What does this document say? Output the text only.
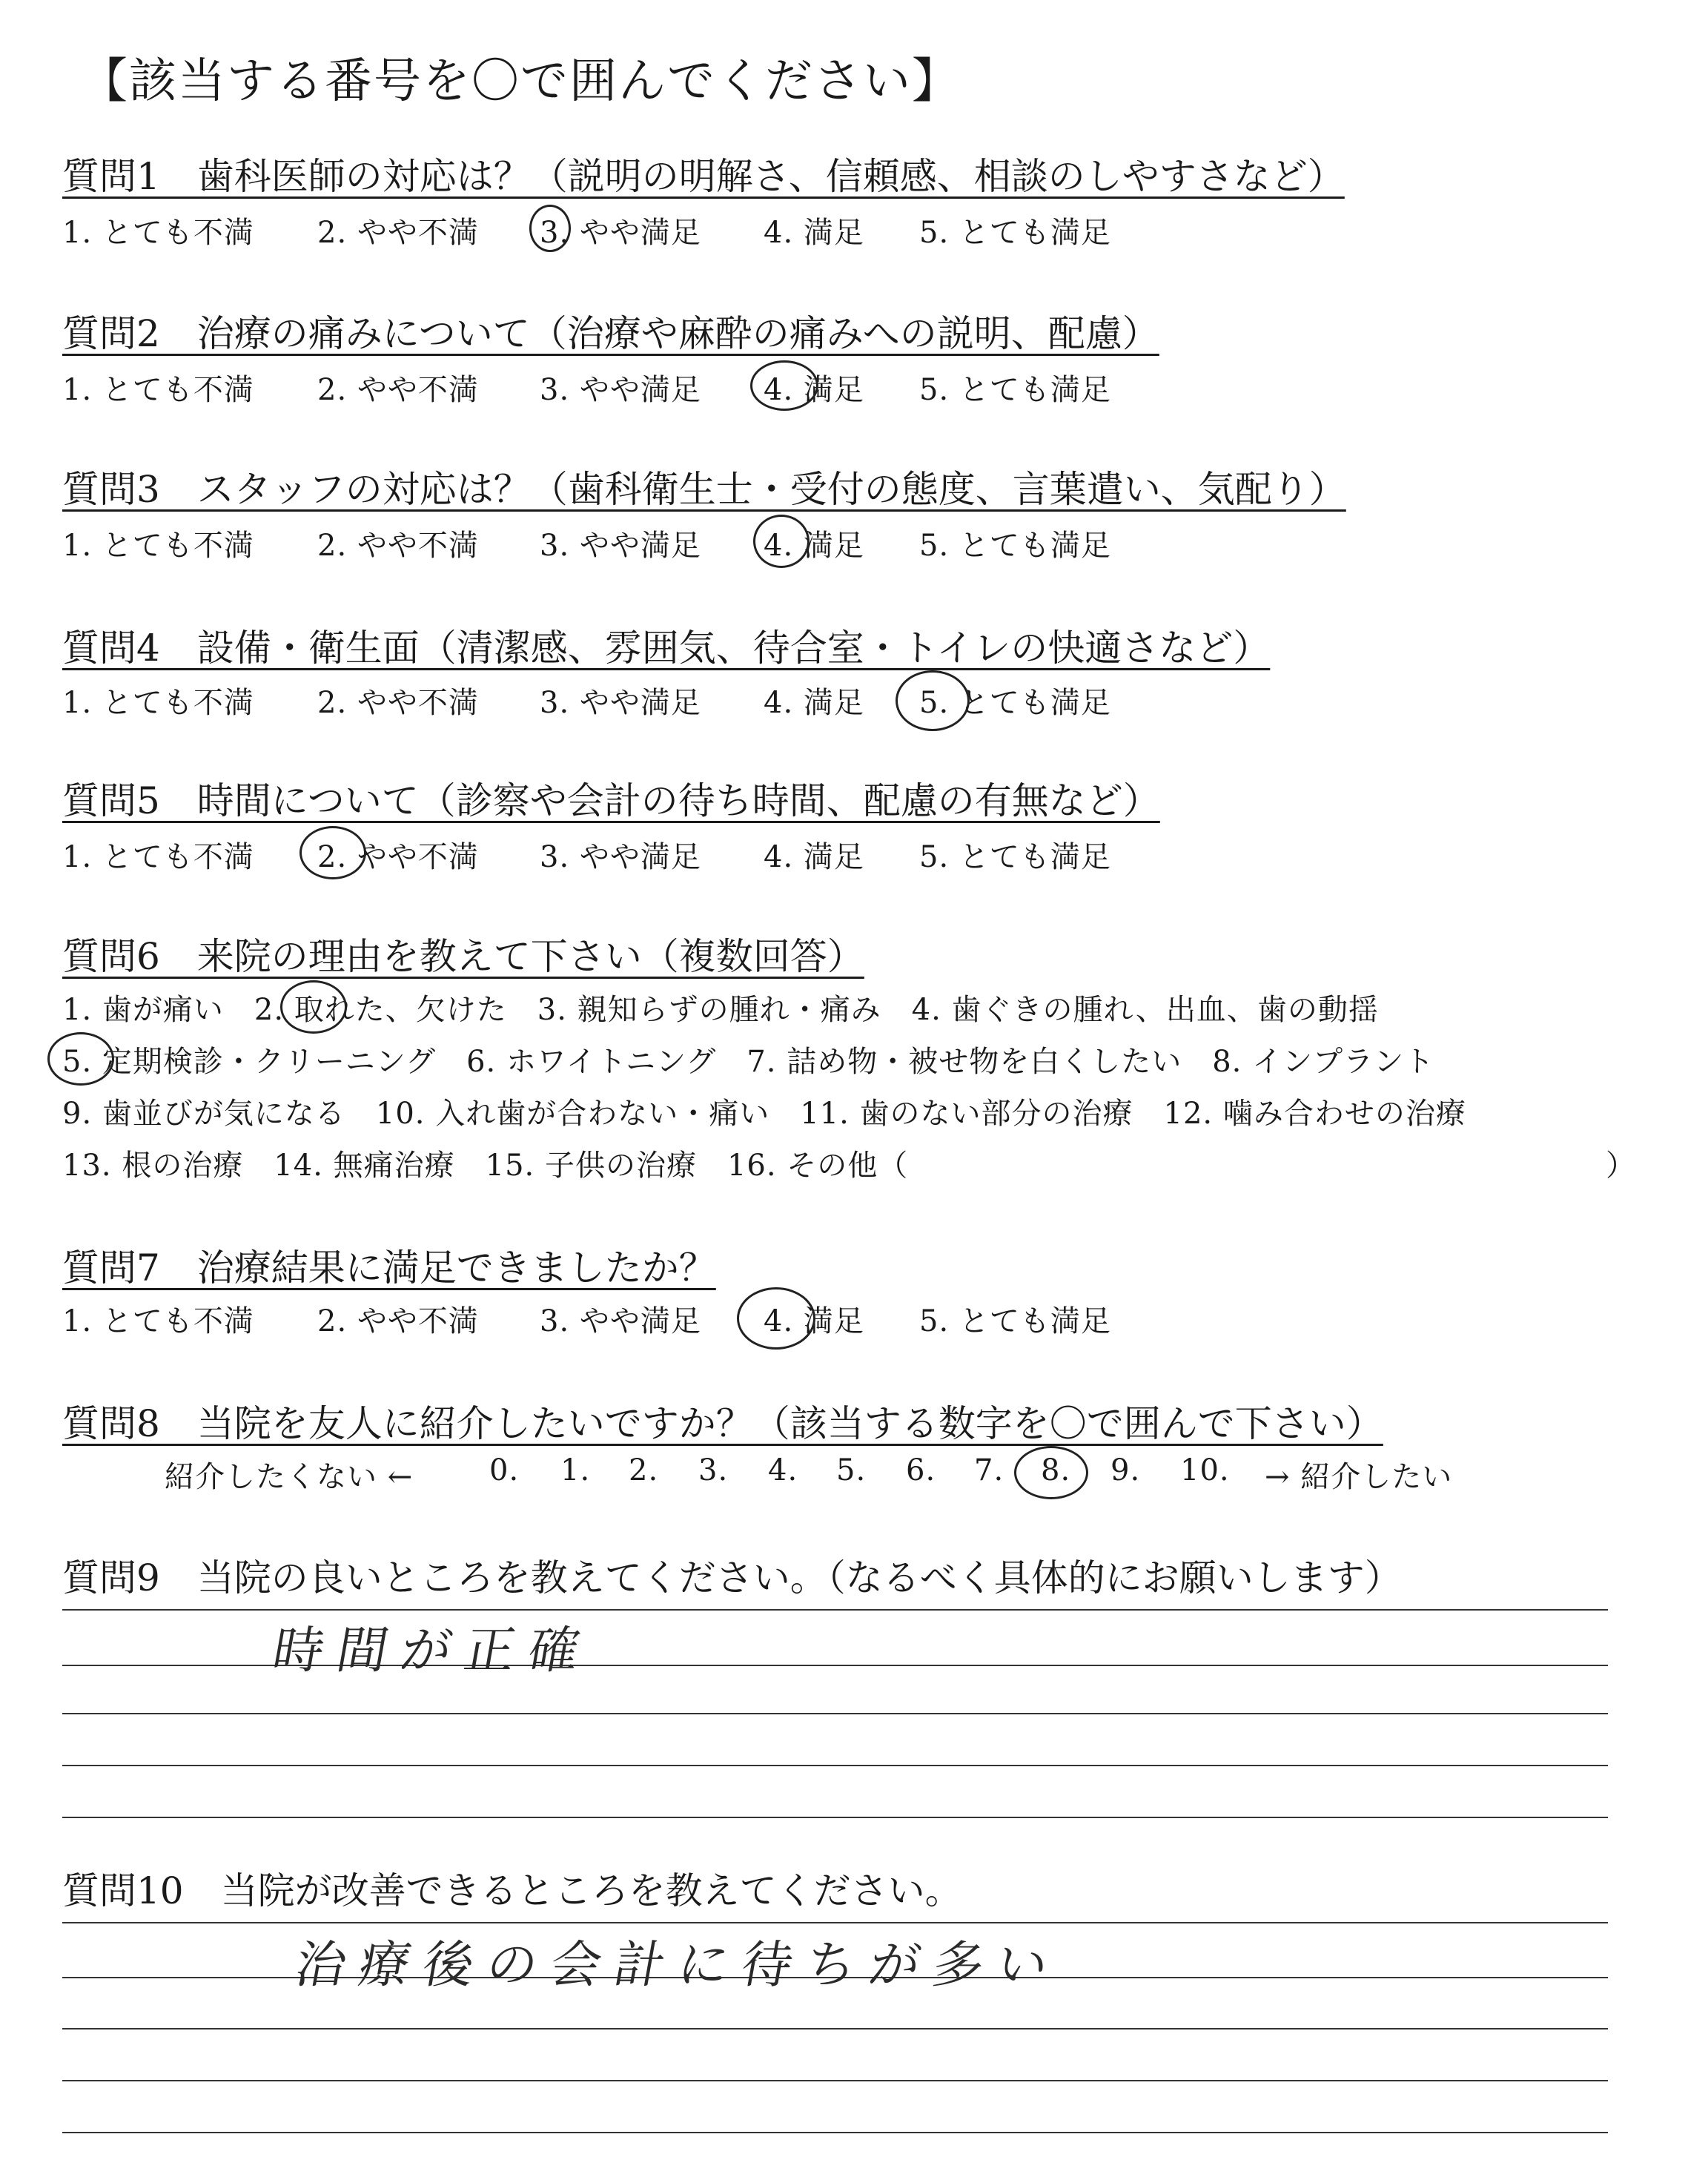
【該当する番号を〇で囲んでください】
質問1　歯科医師の対応は？（説明の明解さ、信頼感、相談のしやすさなど）
1. とても不満 2. やや不満 3. やや満足 4. 満足 5. とても満足
質問2　治療の痛みについて（治療や麻酔の痛みへの説明、配慮）
1. とても不満 2. やや不満 3. やや満足 4. 満足 5. とても満足
質問3　スタッフの対応は？（歯科衛生士・受付の態度、言葉遣い、気配り）
1. とても不満 2. やや不満 3. やや満足 4. 満足 5. とても満足
質問4　設備・衛生面（清潔感、雰囲気、待合室・トイレの快適さなど）
1. とても不満 2. やや不満 3. やや満足 4. 満足 5. とても満足
質問5　時間について（診察や会計の待ち時間、配慮の有無など）
1. とても不満 2. やや不満 3. やや満足 4. 満足 5. とても満足
質問6　来院の理由を教えて下さい（複数回答）
1. 歯が痛い　2. 取れた、欠けた　3. 親知らずの腫れ・痛み　4. 歯ぐきの腫れ、出血、歯の動揺
5. 定期検診・クリーニング　6. ホワイトニング　7. 詰め物・被せ物を白くしたい　8. インプラント
9. 歯並びが気になる　10. 入れ歯が合わない・痛い　11. 歯のない部分の治療　12. 噛み合わせの治療
13. 根の治療　14. 無痛治療　15. 子供の治療　16. その他（	）
質問7　治療結果に満足できましたか？
1. とても不満 2. やや不満 3. やや満足 4. 満足 5. とても満足
質問8　当院を友人に紹介したいですか？（該当する数字を〇で囲んで下さい）
紹介したくない ←	0. 1. 2. 3. 4. 5. 6. 7. 8. 9. 10. → 紹介したい
質問9　当院の良いところを教えてください。（なるべく具体的にお願いします）
時間が正確
質問10　当院が改善できるところを教えてください。
治療後の会計に待ちが多い
